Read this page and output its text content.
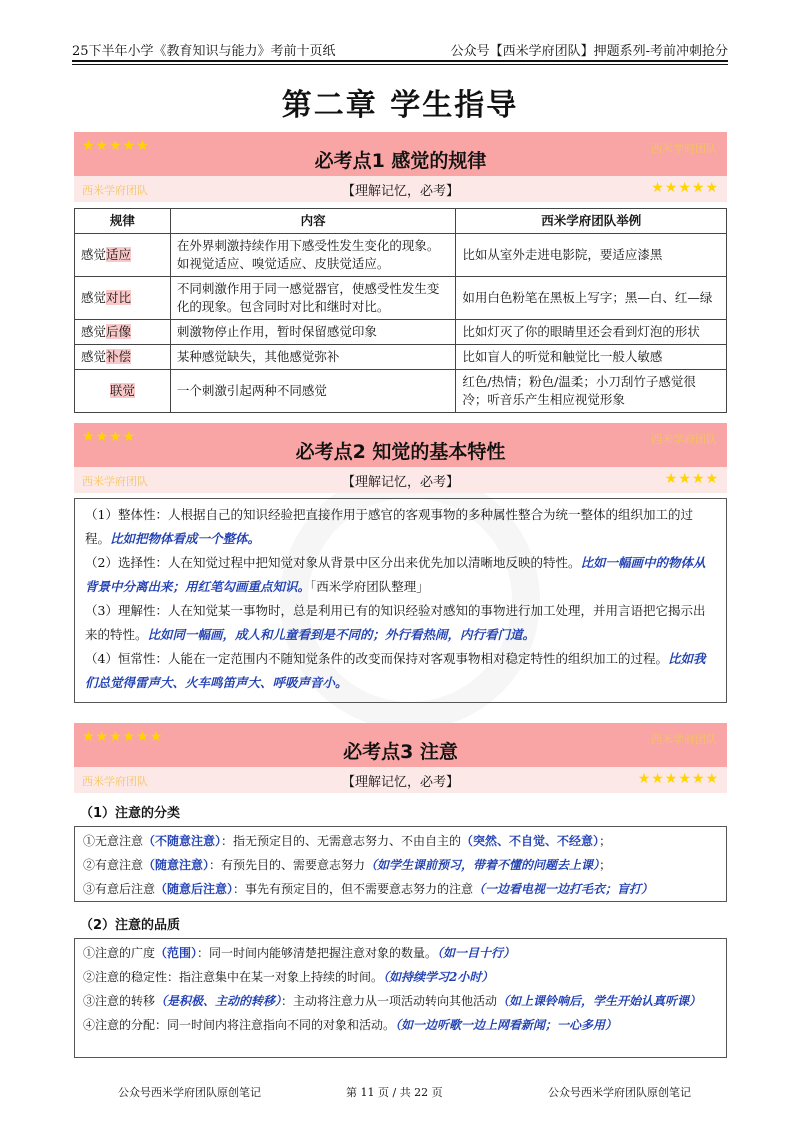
25下半年小学《教育知识与能力》考前十页纸	公众号【西米学府团队】押题系列-考前冲刺抢分
第二章 学生指导
★★★★★	西米学府团队
必考点1 感觉的规律
西米学府团队	【理解记忆，必考】	★★★★★
规律	内容	西米学府团队举例
感觉适应	在外界刺激持续作用下感受性发生变化的现象。如视觉适应、嗅觉适应、皮肤觉适应。	比如从室外走进电影院，要适应漆黑
感觉对比	不同刺激作用于同一感觉器官，使感受性发生变化的现象。包含同时对比和继时对比。	如用白色粉笔在黑板上写字；黑—白、红—绿
感觉后像	刺激物停止作用，暂时保留感觉印象	比如灯灭了你的眼睛里还会看到灯泡的形状
感觉补偿	某种感觉缺失，其他感觉弥补	比如盲人的听觉和触觉比一般人敏感
联觉	一个刺激引起两种不同感觉	红色/热情；粉色/温柔；小刀刮竹子感觉很冷；听音乐产生相应视觉形象
★★★★	西米学府团队
必考点2 知觉的基本特性
西米学府团队	【理解记忆，必考】	★★★★
（1）整体性：人根据自己的知识经验把直接作用于感官的客观事物的多种属性整合为统一整体的组织加工的过程。比如把物体看成一个整体。
（2）选择性：人在知觉过程中把知觉对象从背景中区分出来优先加以清晰地反映的特性。比如一幅画中的物体从背景中分离出来；用红笔勾画重点知识。「西米学府团队整理」
（3）理解性：人在知觉某一事物时，总是利用已有的知识经验对感知的事物进行加工处理，并用言语把它揭示出来的特性。比如同一幅画，成人和儿童看到是不同的；外行看热闹，内行看门道。
（4）恒常性：人能在一定范围内不随知觉条件的改变而保持对客观事物相对稳定特性的组织加工的过程。比如我们总觉得雷声大、火车鸣笛声大、呼吸声音小。
★★★★★★	西米学府团队
必考点3 注意
西米学府团队	【理解记忆，必考】	★★★★★★
（1）注意的分类
①无意注意（不随意注意）：指无预定目的、无需意志努力、不由自主的（突然、不自觉、不经意）；
②有意注意（随意注意）：有预先目的、需要意志努力（如学生课前预习，带着不懂的问题去上课）；
③有意后注意（随意后注意）：事先有预定目的，但不需要意志努力的注意（一边看电视一边打毛衣；盲打）
（2）注意的品质
①注意的广度（范围）：同一时间内能够清楚把握注意对象的数量。（如一目十行）
②注意的稳定性：指注意集中在某一对象上持续的时间。（如持续学习2小时）
③注意的转移（是积极、主动的转移）：主动将注意力从一项活动转向其他活动（如上课铃响后，学生开始认真听课）
④注意的分配：同一时间内将注意指向不同的对象和活动。（如一边听歌一边上网看新闻；一心多用）
公众号西米学府团队原创笔记	第 11 页 / 共 22 页	公众号西米学府团队原创笔记
